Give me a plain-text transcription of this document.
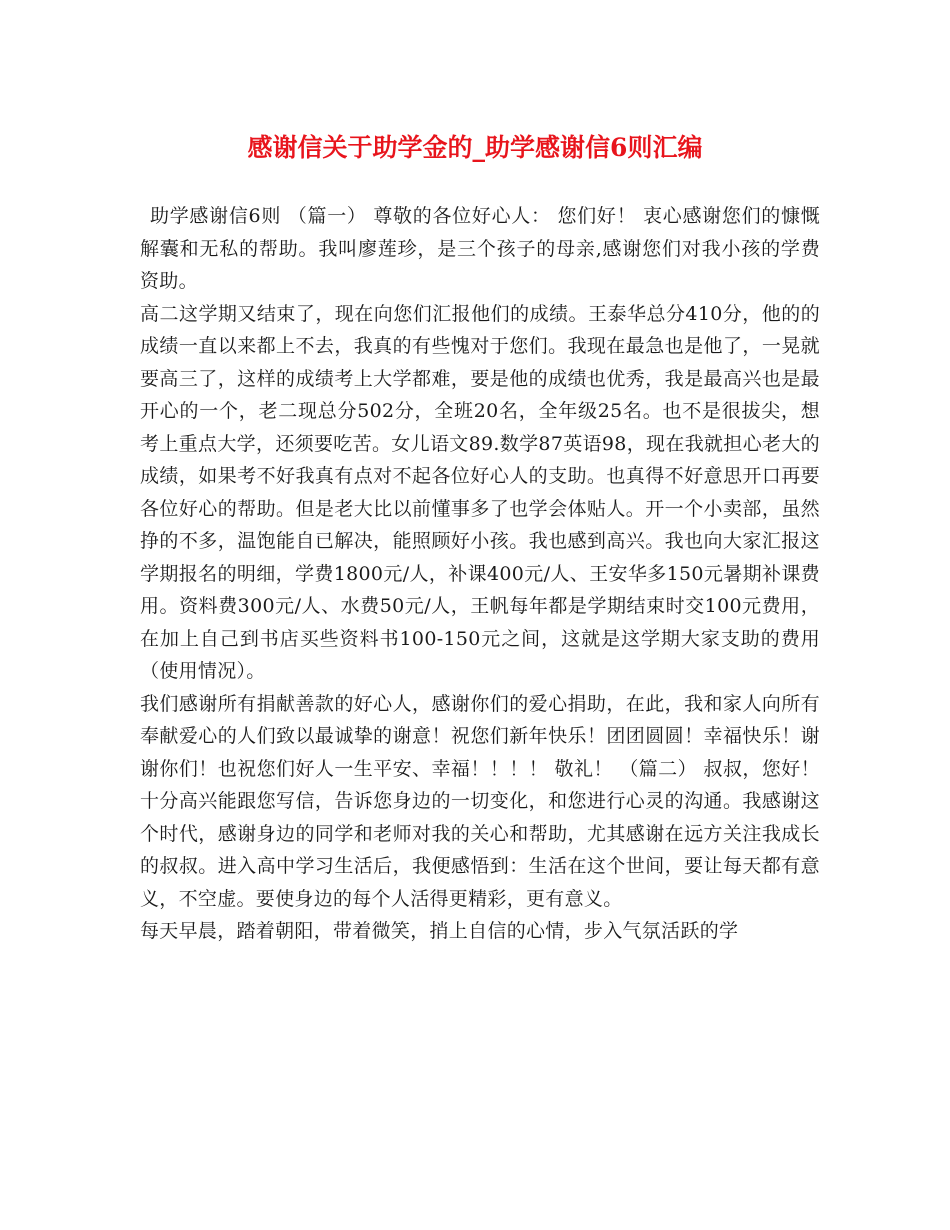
感谢信关于助学金的_助学感谢信6则汇编

助学感谢信6则 （篇一） 尊敬的各位好心人： 您们好！ 衷心感谢您们的慷慨解囊和无私的帮助。我叫廖莲珍，是三个孩子的母亲,感谢您们对我小孩的学费资助。

高二这学期又结束了，现在向您们汇报他们的成绩。王泰华总分410分，他的的成绩一直以来都上不去，我真的有些愧对于您们。我现在最急也是他了，一晃就要高三了，这样的成绩考上大学都难，要是他的成绩也优秀，我是最高兴也是最开心的一个，老二现总分502分，全班20名，全年级25名。也不是很拔尖，想考上重点大学，还须要吃苦。女儿语文89.数学87英语98，现在我就担心老大的成绩，如果考不好我真有点对不起各位好心人的支助。也真得不好意思开口再要各位好心的帮助。但是老大比以前懂事多了也学会体贴人。开一个小卖部，虽然挣的不多，温饱能自已解决，能照顾好小孩。我也感到高兴。我也向大家汇报这学期报名的明细，学费1800元/人，补课400元/人、王安华多150元暑期补课费用。资料费300元/人、水费50元/人，王帆每年都是学期结束时交100元费用，在加上自己到书店买些资料书100-150元之间，这就是这学期大家支助的费用（使用情况）。

我们感谢所有捐献善款的好心人，感谢你们的爱心捐助，在此，我和家人向所有奉献爱心的人们致以最诚挚的谢意！祝您们新年快乐！团团圆圆！幸福快乐！谢谢你们！也祝您们好人一生平安、幸福！！！！ 敬礼！ （篇二） 叔叔，您好！十分高兴能跟您写信，告诉您身边的一切变化，和您进行心灵的沟通。我感谢这个时代，感谢身边的同学和老师对我的关心和帮助，尤其感谢在远方关注我成长的叔叔。进入高中学习生活后，我便感悟到：生活在这个世间，要让每天都有意义，不空虚。要使身边的每个人活得更精彩，更有意义。

每天早晨，踏着朝阳，带着微笑，捎上自信的心情，步入气氛活跃的学
